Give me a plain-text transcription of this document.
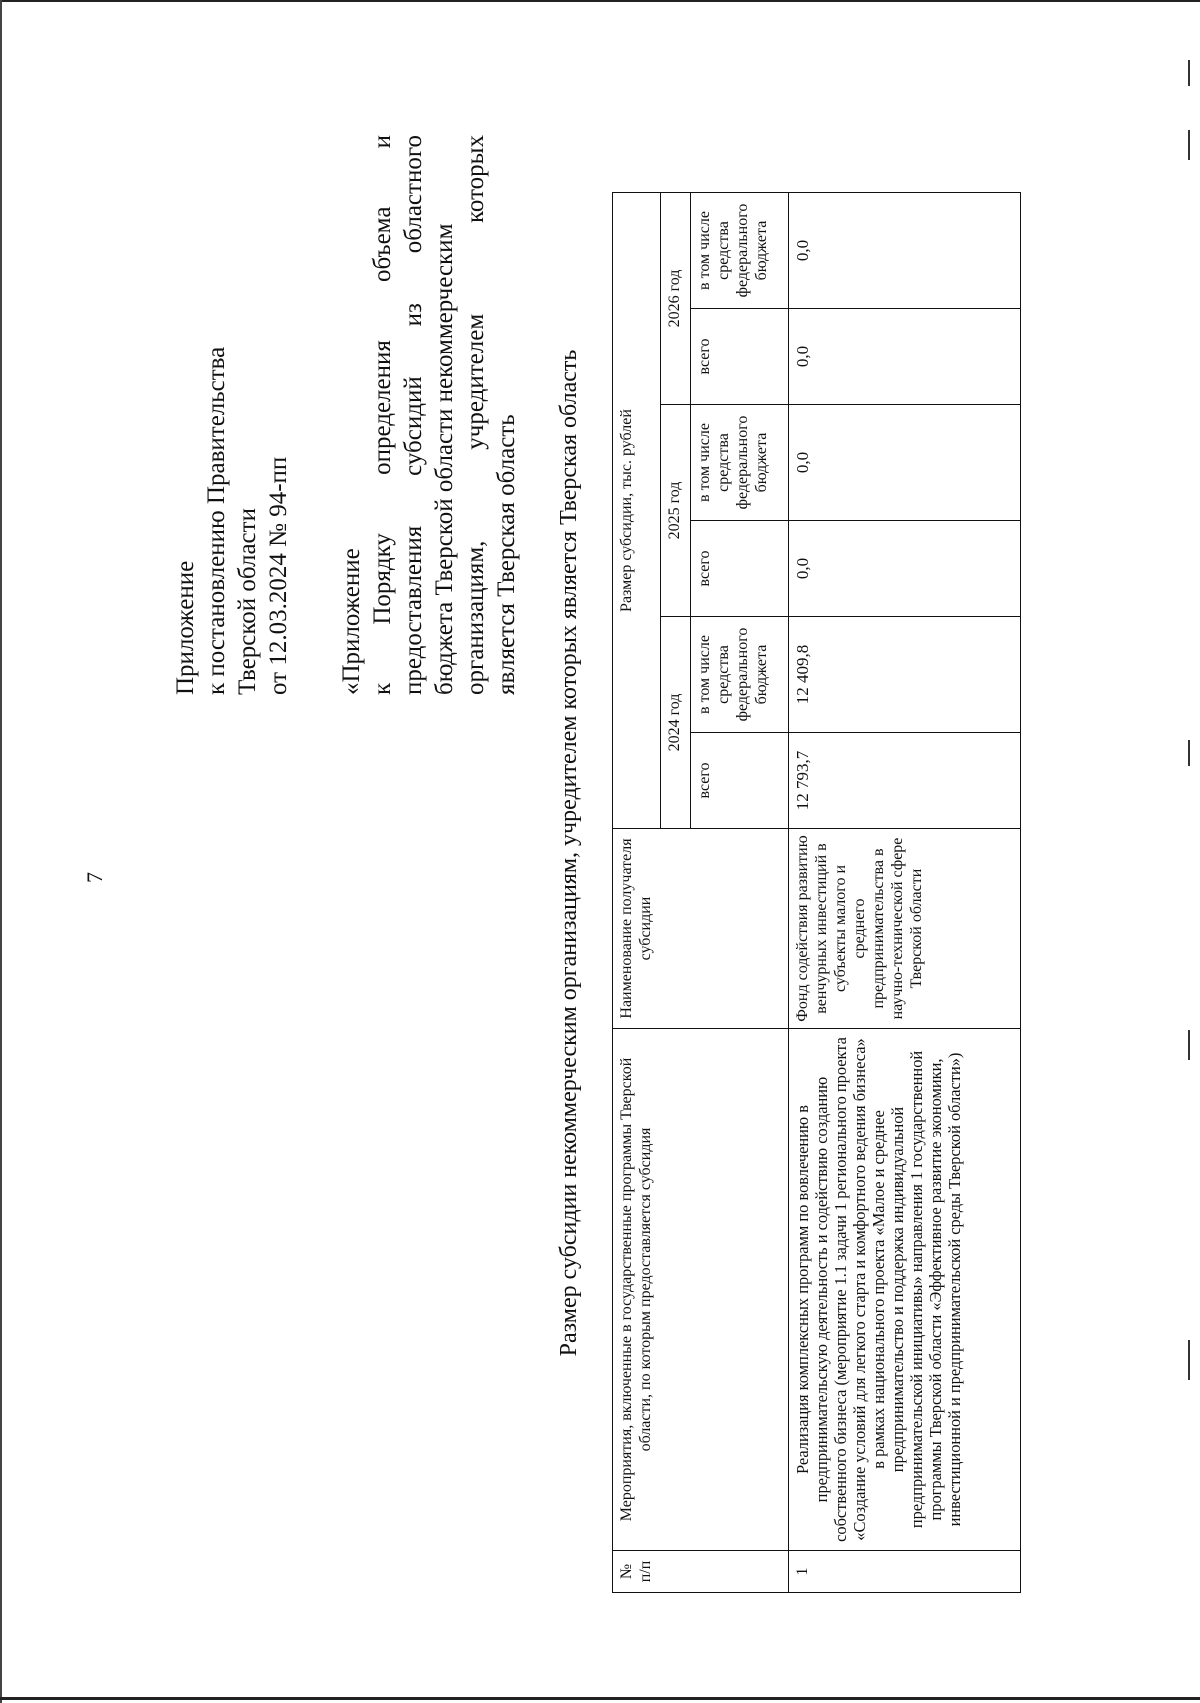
7
Приложение к постановлению Правительства Тверской области от 12.03.2024 № 94-пп «Приложение к
Порядку
определения
объема
и
предоставления
субсидий
из
областного
бюджета Тверской области некоммерческим организациям,
учредителем
которых
является Тверская область Размер субсидии некоммерческим организациям, учредителем которых является Тверская область
№ п/п	Мероприятия, включенные в государственные программы Тверской области, по которым предоставляется субсидия	Наименование получателя субсидии	Размер субсидии, тыс. рублей					
			2024 год		2025 год		2026 год	
			всего	в том числе средства федерального бюджета	всего	в том числе средства федерального бюджета	всего	в том числе средства федерального бюджета
1	Реализация комплексных программ по вовлечению в предпринимательскую деятельность и содействию созданию собственного бизнеса (мероприятие 1.1 задачи 1 регионального проекта «Создание условий для легкого старта и комфортного ведения бизнеса» в рамках национального проекта «Малое и среднее предпринимательство и поддержка индивидуальной предпринимательской инициативы» направления 1 государственной программы Тверской области «Эффективное развитие экономики, инвестиционной и предпринимательской среды Тверской области»)	Фонд содействия развитию венчурных инвестиций в субъекты малого и среднего предпринимательства в научно-технической сфере Тверской области	12 793,7	12 409,8	0,0	0,0	0,0	0,0
